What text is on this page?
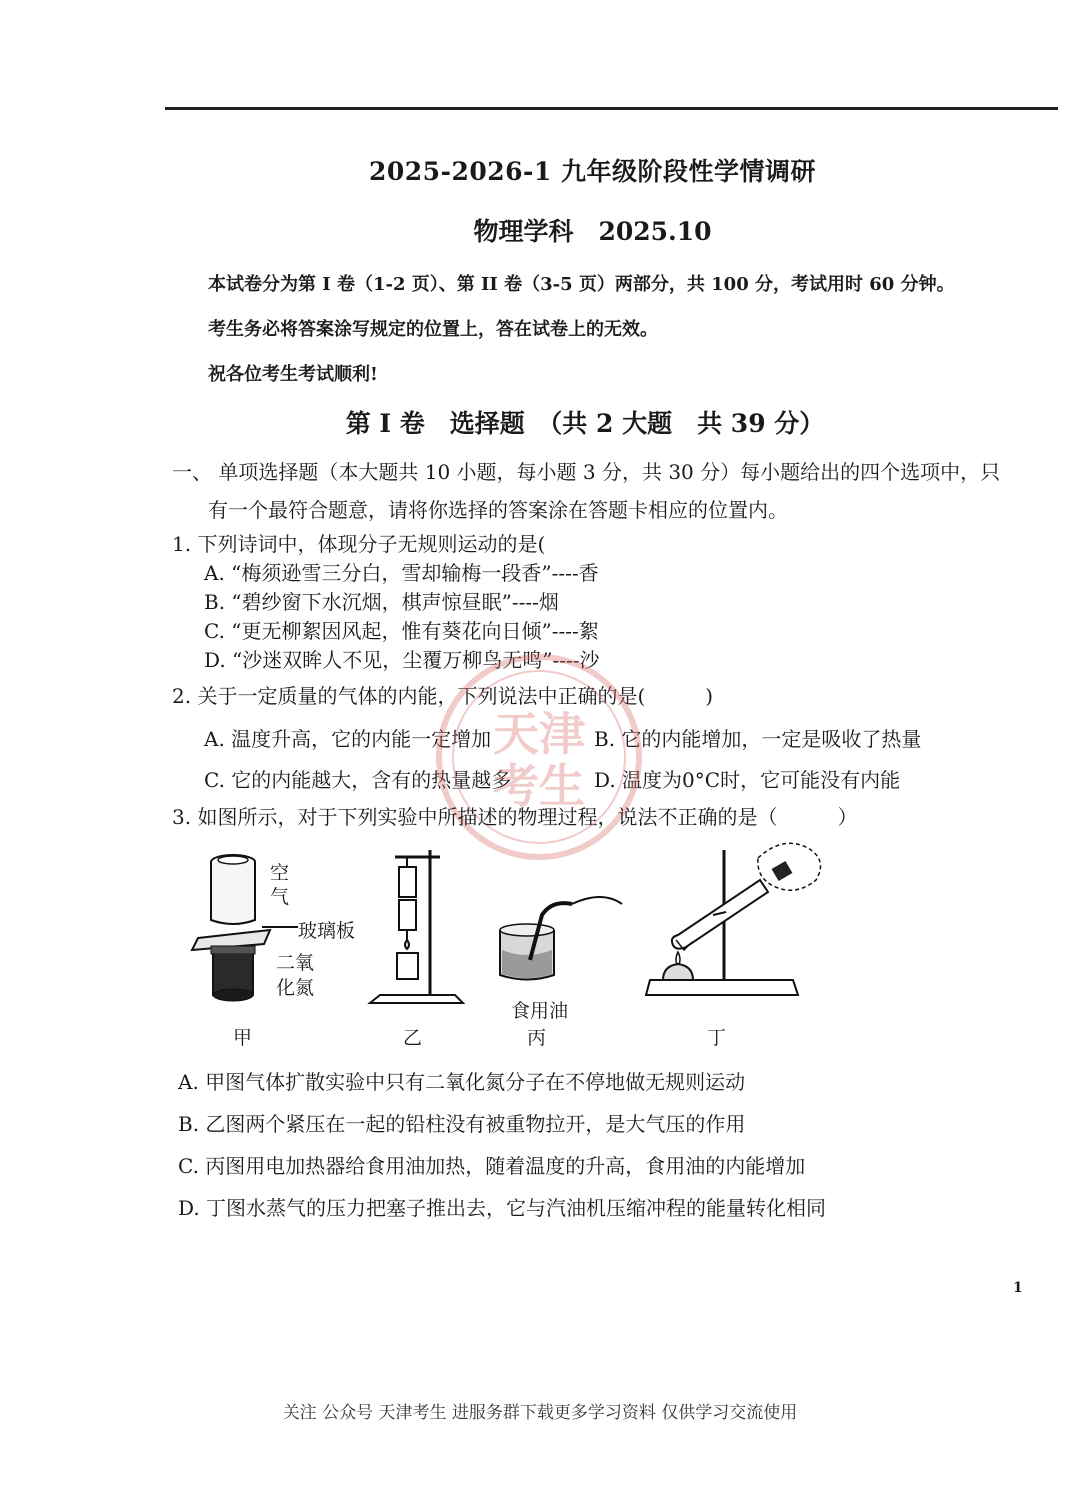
2025-2026-1 九年级阶段性学情调研
物理学科　2025.10
本试卷分为第 I 卷（1-2 页）、第 II 卷（3-5 页）两部分，共 100 分，考试用时 60 分钟。
考生务必将答案涂写规定的位置上，答在试卷上的无效。
祝各位考生考试顺利!
第 I 卷　选择题　（共 2 大题　共 39 分）
一、 单项选择题（本大题共 10 小题，每小题 3 分，共 30 分）每小题给出的四个选项中，只
有一个最符合题意，请将你选择的答案涂在答题卡相应的位置内。
1. 下列诗词中，体现分子无规则运动的是(
A. “梅须逊雪三分白，雪却输梅一段香”----香
B. “碧纱窗下水沉烟，棋声惊昼眠”----烟
C. “更无柳絮因风起，惟有葵花向日倾”----絮
D. “沙迷双眸人不见，尘覆万柳鸟无鸣”----沙
2. 关于一定质量的气体的内能，下列说法中正确的是(　　　)
A. 温度升高，它的内能一定增加	B. 它的内能增加，一定是吸收了热量
C. 它的内能越大，含有的热量越多	D. 温度为0°C时，它可能没有内能
天津
考生
3. 如图所示，对于下列实验中所描述的物理过程，说法不正确的是（　　　）
空
气
玻璃板
二氧
化氮
甲	乙
食用油
丙	丁
A. 甲图气体扩散实验中只有二氧化氮分子在不停地做无规则运动
B. 乙图两个紧压在一起的铅柱没有被重物拉开，是大气压的作用
C. 丙图用电加热器给食用油加热，随着温度的升高，食用油的内能增加
D. 丁图水蒸气的压力把塞子推出去，它与汽油机压缩冲程的能量转化相同
1
关注 公众号 天津考生 进服务群下载更多学习资料 仅供学习交流使用
